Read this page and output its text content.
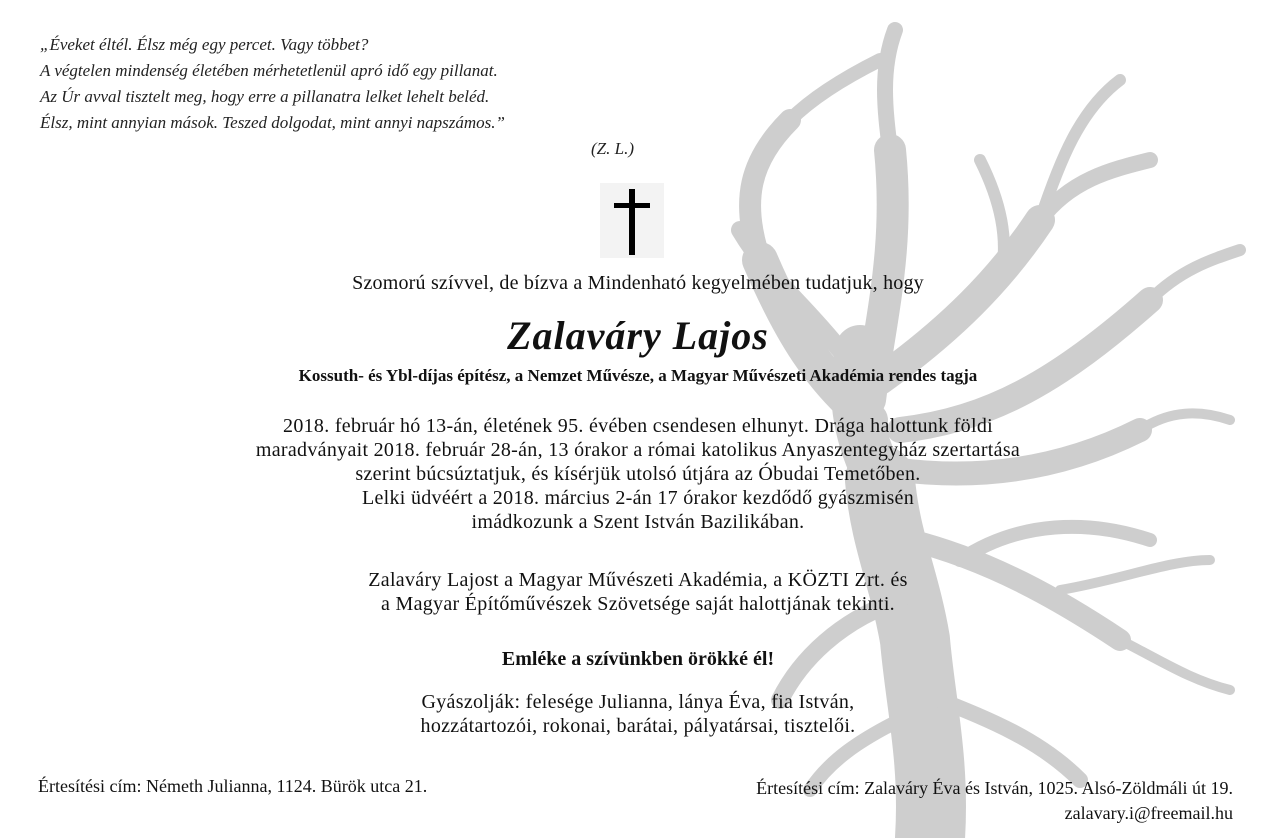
„Éveket éltél. Élsz még egy percet. Vagy többet?
A végtelen mindenség életében mérhetetlenül apró idő egy pillanat.
Az Úr avval tisztelt meg, hogy erre a pillanatra lelket lehelt beléd.
Élsz, mint annyian mások. Teszed dolgodat, mint annyi napszámos.”
(Z. L.)
Szomorú szívvel, de bízva a Mindenható kegyelmében tudatjuk, hogy
Zalaváry Lajos
Kossuth- és Ybl-díjas építész, a Nemzet Művésze, a Magyar Művészeti Akadémia rendes tagja
2018. február hó 13-án, életének 95. évében csendesen elhunyt. Drága halottunk földi
maradványait 2018. február 28-án, 13 órakor a római katolikus Anyaszentegyház szertartása
szerint búcsúztatjuk, és kísérjük utolsó útjára az Óbudai Temetőben.
Lelki üdvéért a 2018. március 2-án 17 órakor kezdődő gyászmisén
imádkozunk a Szent István Bazilikában.
Zalaváry Lajost a Magyar Művészeti Akadémia, a KÖZTI Zrt. és
a Magyar Építőművészek Szövetsége saját halottjának tekinti.
Emléke a szívünkben örökké él!
Gyászolják: felesége Julianna, lánya Éva, fia István,
hozzátartozói, rokonai, barátai, pályatársai, tisztelői.
Értesítési cím: Németh Julianna, 1124. Bürök utca 21.	Értesítési cím: Zalaváry Éva és István, 1025. Alsó-Zöldmáli út 19.
zalavary.i@freemail.hu
